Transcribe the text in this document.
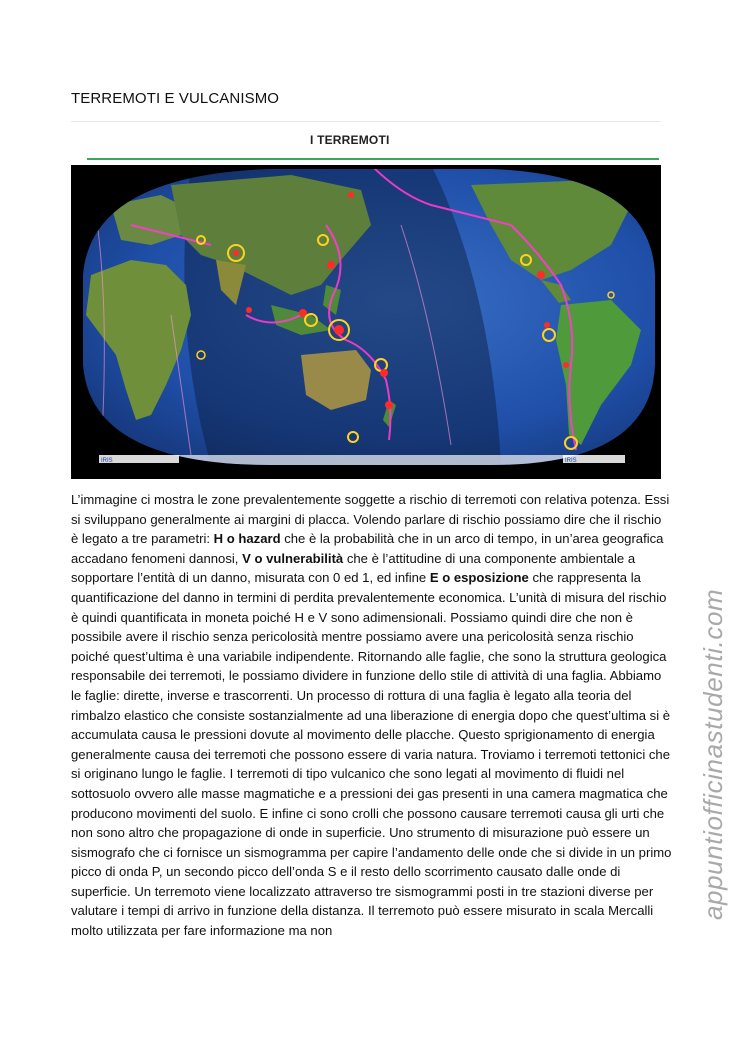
TERREMOTI E VULCANISMO
I TERREMOTI
IRIS	IRIS

L’immagine ci mostra le zone prevalentemente soggette a rischio di terremoti con relativa potenza. Essi si sviluppano generalmente ai margini di placca. Volendo parlare di rischio possiamo dire che il rischio è legato a tre parametri: H o hazard che è la probabilità che in un arco di tempo, in un’area geografica accadano fenomeni dannosi, V o vulnerabilità che è l’attitudine di una componente ambientale a sopportare l’entità di un danno, misurata con 0 ed 1, ed infine E o esposizione che rappresenta la quantificazione del danno in termini di perdita prevalentemente economica. L’unità di misura del rischio è quindi quantificata in moneta poiché H e V sono adimensionali. Possiamo quindi dire che non è possibile avere il rischio senza pericolosità mentre possiamo avere una pericolosità senza rischio poiché quest’ultima è una variabile indipendente. Ritornando alle faglie, che sono la struttura geologica responsabile dei terremoti, le possiamo dividere in funzione dello stile di attività di una faglia. Abbiamo le faglie: dirette, inverse e trascorrenti. Un processo di rottura di una faglia è legato alla teoria del rimbalzo elastico che consiste sostanzialmente ad una liberazione di energia dopo che quest’ultima si è accumulata causa le pressioni dovute al movimento delle placche. Questo sprigionamento di energia generalmente causa dei terremoti che possono essere di varia natura. Troviamo i terremoti tettonici che si originano lungo le faglie. I terremoti di tipo vulcanico che sono legati al movimento di fluidi nel sottosuolo ovvero alle masse magmatiche e a pressioni dei gas presenti in una camera magmatica che producono movimenti del suolo. E infine ci sono crolli che possono causare terremoti causa gli urti che non sono altro che propagazione di onde in superficie. Uno strumento di misurazione può essere un sismografo che ci fornisce un sismogramma per capire l’andamento delle onde che si divide in un primo picco di onda P, un secondo picco dell’onda S e il resto dello scorrimento causato dalle onde di superficie. Un terremoto viene localizzato attraverso tre sismogrammi posti in tre stazioni diverse per valutare i tempi di arrivo in funzione della distanza. Il terremoto può essere misurato in scala Mercalli molto utilizzata per fare informazione ma non

appuntiofficinastudenti.com
